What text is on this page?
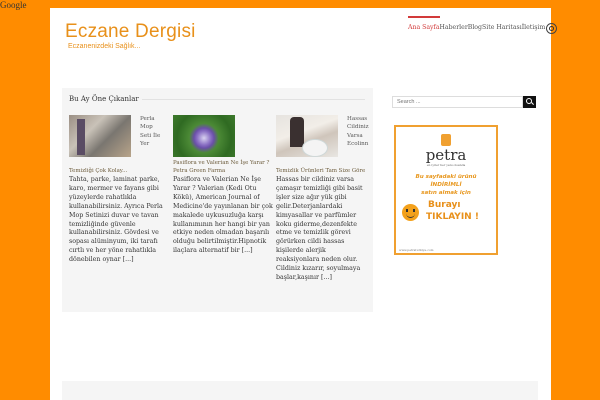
Google
Eczane Dergisi
Eczanenizdeki Sağlık...
Ana Sayfa Haberler Blog Site Haritası İletişim
Bu Ay Öne Çıkanlar
Perla Mop Seti İle Yer
Temizliği Çok Kolay...

Tahta, parke, laminat parke, karo, mermer ve fayans gibi yüzeylerde rahatlıkla kullanabilirsiniz. Ayrıca Perla Mop Setinizi duvar ve tavan temizliğinde güvenle kullanabilirsiniz. Gövdesi ve sopası alüminyum, iki tarafı cırtlı ve her yöne rahatlıkla dönebilen oynar [...]

Pasiflora ve Valerian Ne İşe Yarar ? Petra Green Farma

Pasiflora ve Valerian Ne İşe Yarar ? Valerian (Kedi Otu Kökü), American Journal of Medicine'de yayınlanan bir çok makalede uykusuzluğa karşı kullanımının her hangi bir yan etkiye neden olmadan başarılı olduğu belirtilmiştir.Hipnotik ilaçlara alternatif bir [...]

Hassas Cildiniz Varsa Ecolinn
Temizlik Ürünleri Tam Size Göre

Hassas bir cildiniz varsa çamaşır temizliği gibi basit işler size ağır yük gibi gelir.Deterjanlardaki kimyasallar ve parfümler koku giderme,dezenfekte etme ve temizlik görevi görürken cildi hassas kişilerde alerjik reaksiyonlara neden olur. Cildiniz kızarır, soyulmaya başlar,kaşınır [...]

Search ...
petra
en iyiler her yanı olsanda
Bu sayfadaki ürünü
İNDİRİMLİ
satın almak için
Burayı
TIKLAYIN !
www.petraturkiye.com
